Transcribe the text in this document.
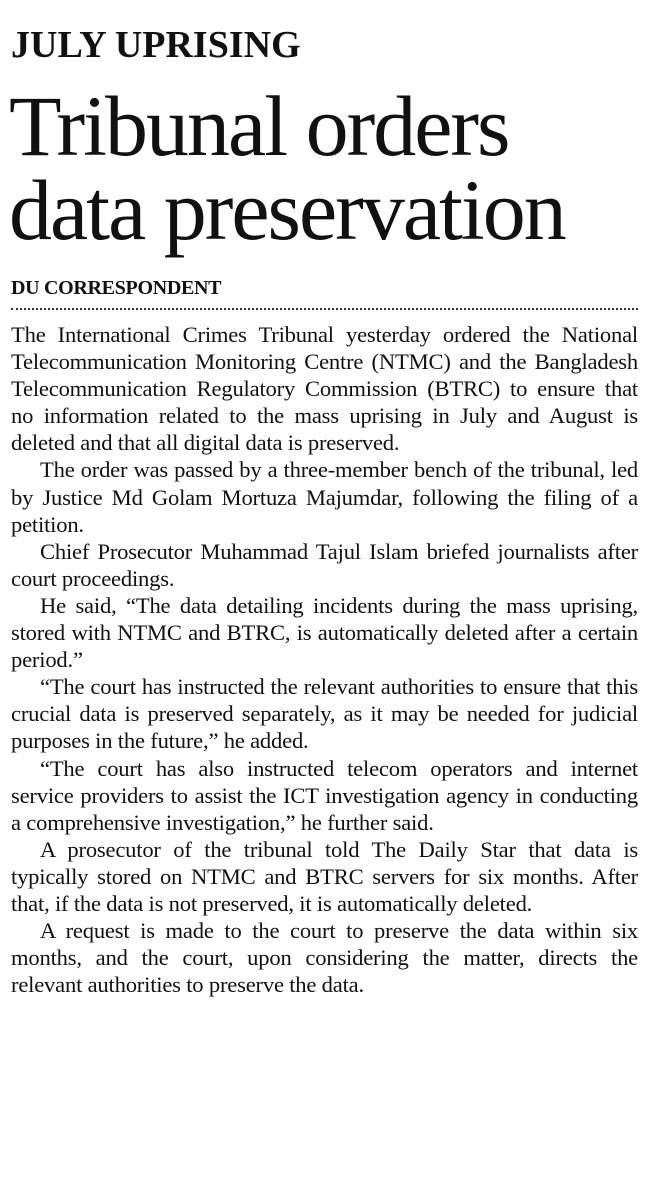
JULY UPRISING
Tribunal orders data preservation
DU CORRESPONDENT

The International Crimes Tribunal yesterday ordered the National Telecommunication Monitoring Centre (NTMC) and the Bangladesh Telecommunication Regulatory Commission (BTRC) to ensure that no information related to the mass uprising in July and August is deleted and that all digital data is preserved.

The order was passed by a three-member bench of the tribunal, led by Justice Md Golam Mortuza Majumdar, following the filing of a petition.

Chief Prosecutor Muhammad Tajul Islam briefed journalists after court proceedings.

He said, “The data detailing incidents during the mass uprising, stored with NTMC and BTRC, is automatically deleted after a certain period.”

“The court has instructed the relevant authorities to ensure that this crucial data is preserved separately, as it may be needed for judicial purposes in the future,” he added.

“The court has also instructed telecom operators and internet service providers to assist the ICT investigation agency in conducting a comprehensive investigation,” he further said.

A prosecutor of the tribunal told The Daily Star that data is typically stored on NTMC and BTRC servers for six months. After that, if the data is not preserved, it is automatically deleted.

A request is made to the court to preserve the data within six months, and the court, upon considering the matter, directs the relevant authorities to preserve the data.
